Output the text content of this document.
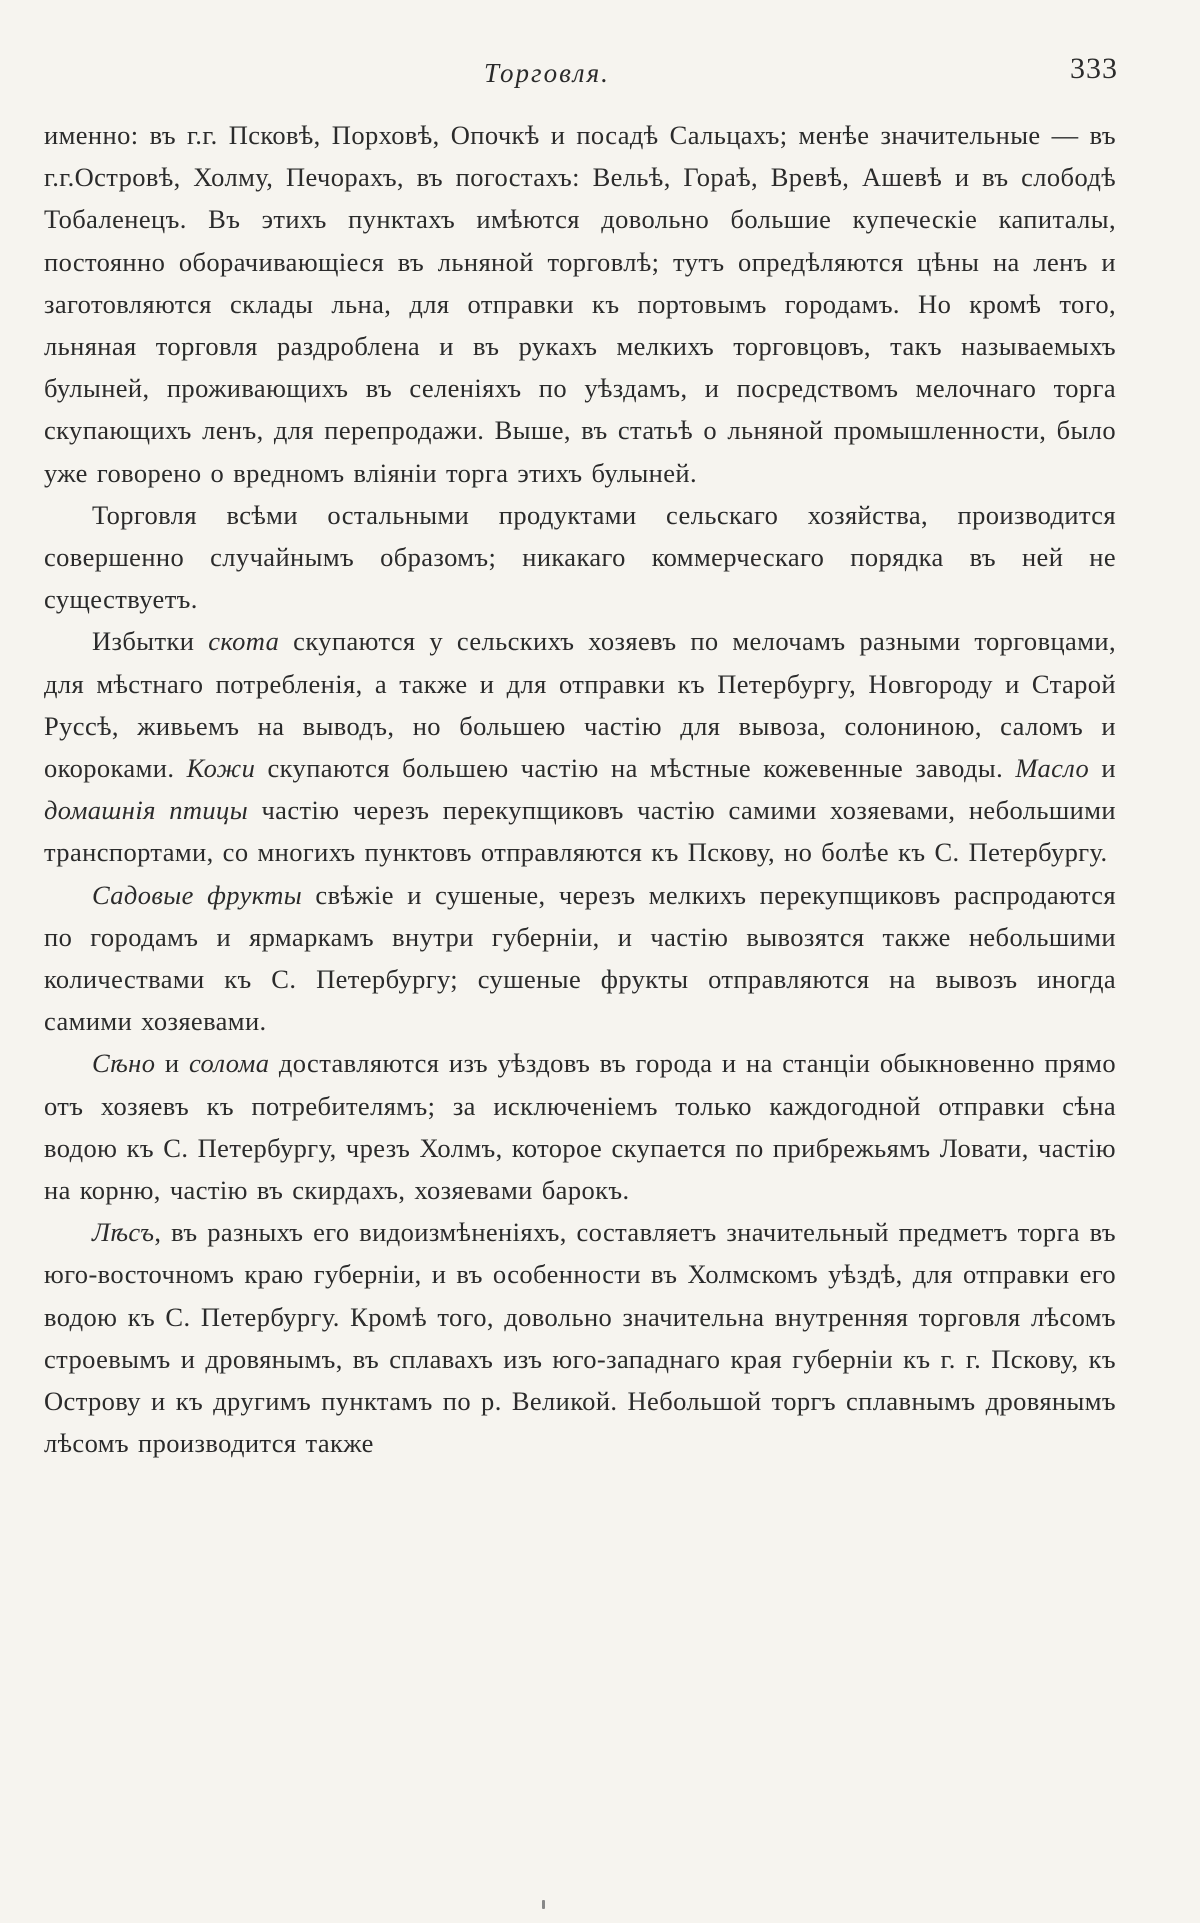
Торговля.	333

именно: въ г.г. Псковѣ, Порховѣ, Опочкѣ и посадѣ Сальцахъ; менѣе значительные — въ г.г.Островѣ, Холму, Печорахъ, въ погостахъ: Вельѣ, Горaѣ, Вревѣ, Ашевѣ и въ слободѣ Тобаленецъ. Въ этихъ пунктахъ имѣются довольно большие купеческiе капиталы, постоянно оборачивающiеся въ льняной торговлѣ; тутъ опредѣляются цѣны на ленъ и заготовляются склады льна, для отправки къ портовымъ городамъ. Но кромѣ того, льняная торговля раздроблена и въ рукахъ мелкихъ торговцовъ, такъ называемыхъ булыней, проживающихъ въ селенiяхъ по уѣздамъ, и посредствомъ мелочнаго торга скупающихъ ленъ, для перепродажи. Выше, въ статьѣ о льняной промышленности, было уже говорено о вредномъ влiянiи торга этихъ булыней.

Торговля всѣми остальными продуктами сельскаго хозяйства, производится совершенно случайнымъ образомъ; никакаго коммерческаго порядка въ ней не существуетъ.

Избытки скота скупаются у сельскихъ хозяевъ по мелочамъ разными торговцами, для мѣстнаго потребленiя, а также и для отправки къ Петербургу, Новгороду и Старой Руссѣ, живьемъ на выводъ, но большею частiю для вывоза, солониною, саломъ и окороками. Кожи скупаются большею частiю на мѣстные кожевенные заводы. Масло и домашнiя птицы частiю черезъ перекупщиковъ частiю самими хозяевами, небольшими транспортами, со многихъ пунктовъ отправляются къ Пскову, но болѣе къ С. Петербургу.

Садовые фрукты свѣжiе и сушеные, черезъ мелкихъ перекупщиковъ распродаются по городамъ и ярмаркамъ внутри губернiи, и частiю вывозятся также небольшими количествами къ С. Петербургу; сушеные фрукты отправляются на вывозъ иногда самими хозяевами.

Сѣно и солома доставляются изъ уѣздовъ въ города и на станцiи обыкновенно прямо отъ хозяевъ къ потребителямъ; за исключенiемъ только каждогодной отправки сѣна водою къ С. Петербургу, чрезъ Холмъ, которое скупается по прибрежьямъ Ловати, частiю на корню, частiю въ скирдахъ, хозяевами барокъ.

Лѣсъ, въ разныхъ его видоизмѣненiяхъ, составляетъ значительный предметъ торга въ юго-восточномъ краю губернiи, и въ особенности въ Холмскомъ уѣздѣ, для отправки его водою къ С. Петербургу. Кромѣ того, довольно значительна внутренняя торговля лѣсомъ строевымъ и дровянымъ, въ сплавахъ изъ юго-западнаго края губернiи къ г. г. Пскову, къ Острову и къ другимъ пунктамъ по р. Великой. Небольшой торгъ сплавнымъ дровянымъ лѣсомъ производится также
